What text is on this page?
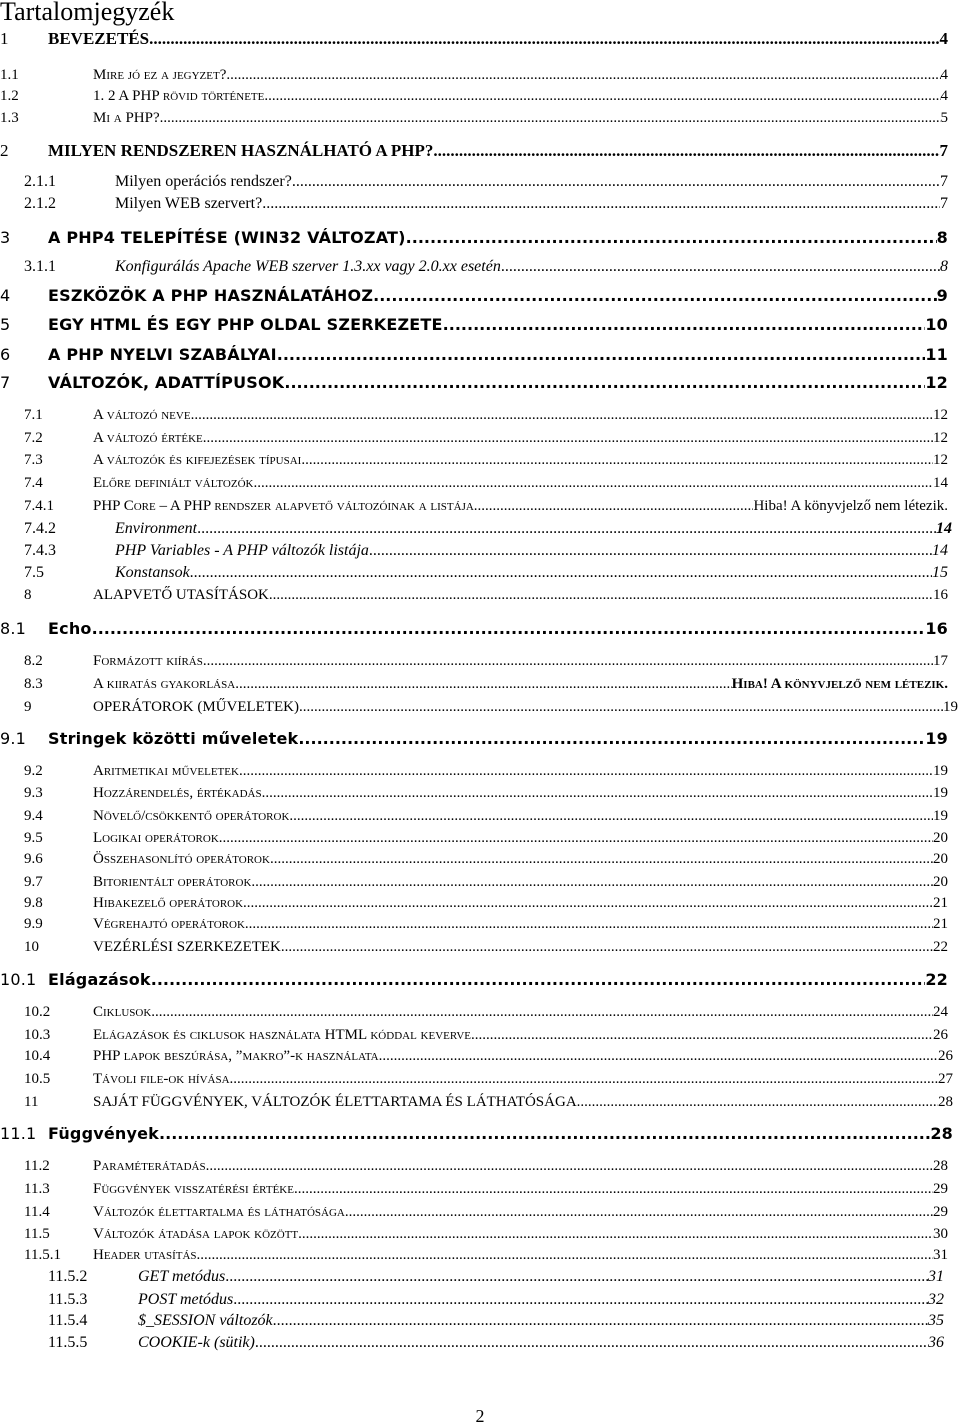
Tartalomjegyzék
1	BEVEZETÉS .....	4
1.1	Mire jó ez a jegyzet? .....	4
1.2	1. 2 A PHP rövid története .....	4
1.3	Mi a PHP? .....	5
2	MILYEN RENDSZEREN HASZNÁLHATÓ A PHP? .....	7
2.1.1	Milyen operációs rendszer? .....	7
2.1.2	Milyen WEB szervert? .....	7
3	A PHP4 TELEPÍTÉSE (WIN32 VÁLTOZAT) .....	8
3.1.1	Konfigurálás Apache WEB szerver 1.3.xx vagy 2.0.xx esetén .....	8
4	ESZKÖZÖK A PHP HASZNÁLATÁHOZ .....	9
5	EGY HTML ÉS EGY PHP OLDAL SZERKEZETE .....	10
6	A PHP NYELVI SZABÁLYAI .....	11
7	VÁLTOZÓK, ADATTÍPUSOK .....	12
7.1	A változó neve .....	12
7.2	A változó értéke .....	12
7.3	A változók és kifejezések típusai .....	12
7.4	Előre definiált változók .....	14
7.4.1	PHP Core – A PHP rendszer alapvető változóinak a listája .....	Hiba! A könyvjelző nem létezik.
7.4.2	Environment .....	14
7.4.3	PHP Variables - A PHP változók listája .....	14
7.5	Konstansok .....	15
8	ALAPVETŐ UTASÍTÁSOK .....	16
8.1	Echo .....	16
8.2	Formázott kiírás .....	17
8.3	A kiiratás gyakorlása .....	Hiba! A könyvjelző nem létezik.
9	OPERÁTOROK (MŰVELETEK) .....	19
9.1	Stringek közötti műveletek .....	19
9.2	Aritmetikai műveletek .....	19
9.3	Hozzárendelés, értékadás .....	19
9.4	Növelő/csökkentő operátorok .....	19
9.5	Logikai operátorok .....	20
9.6	Összehasonlító operátorok .....	20
9.7	Bitorientált operátorok .....	20
9.8	Hibakezelő operátorok .....	21
9.9	Végrehajtó operátorok .....	21
10	VEZÉRLÉSI SZERKEZETEK .....	22
10.1 Elágazások .....	22
10.2	Ciklusok .....	24
10.3	Elágazások és ciklusok használata HTML kóddal keverve .....	26
10.4	PHP lapok beszúrása, ”makro”-k használata .....	26
10.5	Távoli file-ok hívása .....	27
11	SAJÁT FÜGGVÉNYEK, VÁLTOZÓK ÉLETTARTAMA ÉS LÁTHATÓSÁGA .....	28
11.1 Függvények .....	28
11.2	Paraméterátadás .....	28
11.3	Függvények visszatérési értéke .....	29
11.4	Változók élettartalma és láthatósága .....	29
11.5	Változók átadása lapok között .....	30
11.5.1	Header utasítás .....	31
11.5.2	GET metódus .....	31
11.5.3	POST metódus .....	32
11.5.4	$_SESSION változók .....	35
11.5.5	COOKIE-k (sütik) .....	36
2
